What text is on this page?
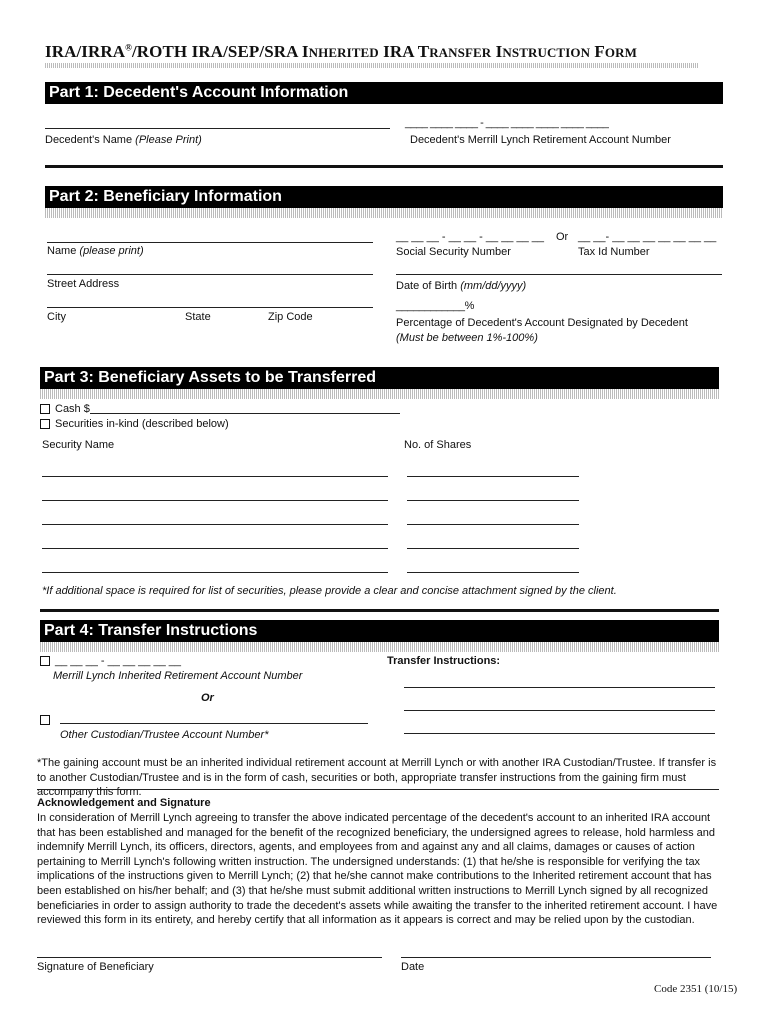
IRA/IRRA®/ROTH IRA/SEP/SRA INHERITED IRA TRANSFER INSTRUCTION FORM
Part 1: Decedent's Account Information
____ ____ ____ - ____ ____ ____ ____ ____
Decedent's Name (Please Print)	Decedent's Merrill Lynch Retirement Account Number
Part 2: Beneficiary Information
__ __ __ - __ __ - __ __ __ __ Or __ __- __ __ __ __ __ __ __
Name (please print)	Social Security Number	Tax Id Number
Street Address	Date of Birth (mm/dd/yyyy)
____________%
City	State	Zip Code	Percentage of Decedent's Account Designated by Decedent
(Must be between 1%-100%)
Part 3: Beneficiary Assets to be Transferred
Cash $
Securities in-kind (described below)
Security Name	No. of Shares
*If additional space is required for list of securities, please provide a clear and concise attachment signed by the client.
Part 4: Transfer Instructions
__ __ __ - __ __ __ __ __
Merrill Lynch Inherited Retirement Account Number
Transfer Instructions:
Or
Other Custodian/Trustee Account Number*
*The gaining account must be an inherited individual retirement account at Merrill Lynch or with another IRA Custodian/Trustee. If transfer is to another Custodian/Trustee and is in the form of cash, securities or both, appropriate transfer instructions from the gaining firm must accompany this form.
Acknowledgement and Signature
In consideration of Merrill Lynch agreeing to transfer the above indicated percentage of the decedent's account to an inherited IRA account that has been established and managed for the benefit of the recognized beneficiary, the undersigned agrees to release, hold harmless and indemnify Merrill Lynch, its officers, directors, agents, and employees from and against any and all claims, damages or causes of action pertaining to Merrill Lynch's following written instruction. The undersigned understands: (1) that he/she is responsible for verifying the tax implications of the instructions given to Merrill Lynch; (2) that he/she cannot make contributions to the Inherited retirement account that has been established on his/her behalf; and (3) that he/she must submit additional written instructions to Merrill Lynch signed by all recognized beneficiaries in order to assign authority to trade the decedent's assets while awaiting the transfer to the inherited retirement account. I have reviewed this form in its entirety, and hereby certify that all information as it appears is correct and may be relied upon by the custodian.
Signature of Beneficiary	Date
Code 2351 (10/15)
